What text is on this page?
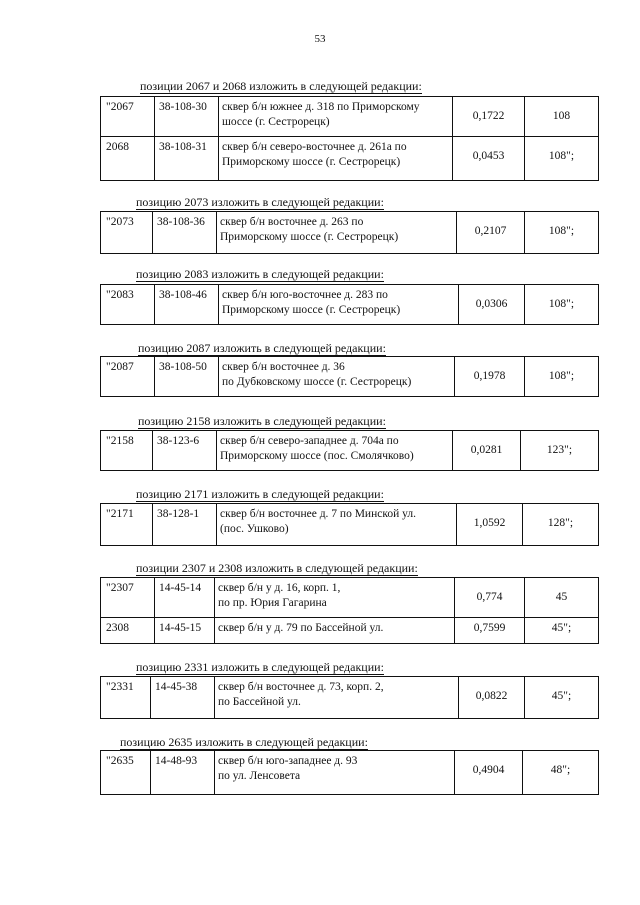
53
позиции 2067 и 2068 изложить в следующей редакции:
"2067	38-108-30	сквер б/н южнее д. 318 по Приморскому
шоссе (г. Сестрорецк)	0,1722	108
2068	38-108-31	сквер б/н северо-восточнее д. 261а по
Приморскому шоссе (г. Сестрорецк)	0,0453	108";
позицию 2073 изложить в следующей редакции:
"2073	38-108-36	сквер б/н восточнее д. 263 по
Приморскому шоссе (г. Сестрорецк)	0,2107	108";
позицию 2083 изложить в следующей редакции:
"2083	38-108-46	сквер б/н юго-восточнее д. 283 по
Приморскому шоссе (г. Сестрорецк)	0,0306	108";
позицию 2087 изложить в следующей редакции:
"2087	38-108-50	сквер б/н восточнее д. 36
по Дубковскому шоссе (г. Сестрорецк)	0,1978	108";
позицию 2158 изложить в следующей редакции:
"2158	38-123-6	сквер б/н северо-западнее д. 704а по
Приморскому шоссе (пос. Смолячково)	0,0281	123";
позицию 2171 изложить в следующей редакции:
"2171	38-128-1	сквер б/н восточнее д. 7 по Минской ул.
(пос. Ушково)	1,0592	128";
позиции 2307 и 2308 изложить в следующей редакции:
"2307	14-45-14	сквер б/н у д. 16, корп. 1,
по пр. Юрия Гагарина	0,774	45
2308	14-45-15	сквер б/н у д. 79 по Бассейной ул.	0,7599	45";
позицию 2331 изложить в следующей редакции:
"2331	14-45-38	сквер б/н восточнее д. 73, корп. 2,
по Бассейной ул.	0,0822	45";
позицию 2635 изложить в следующей редакции:
"2635	14-48-93	сквер б/н юго-западнее д. 93
по ул. Ленсовета	0,4904	48";
